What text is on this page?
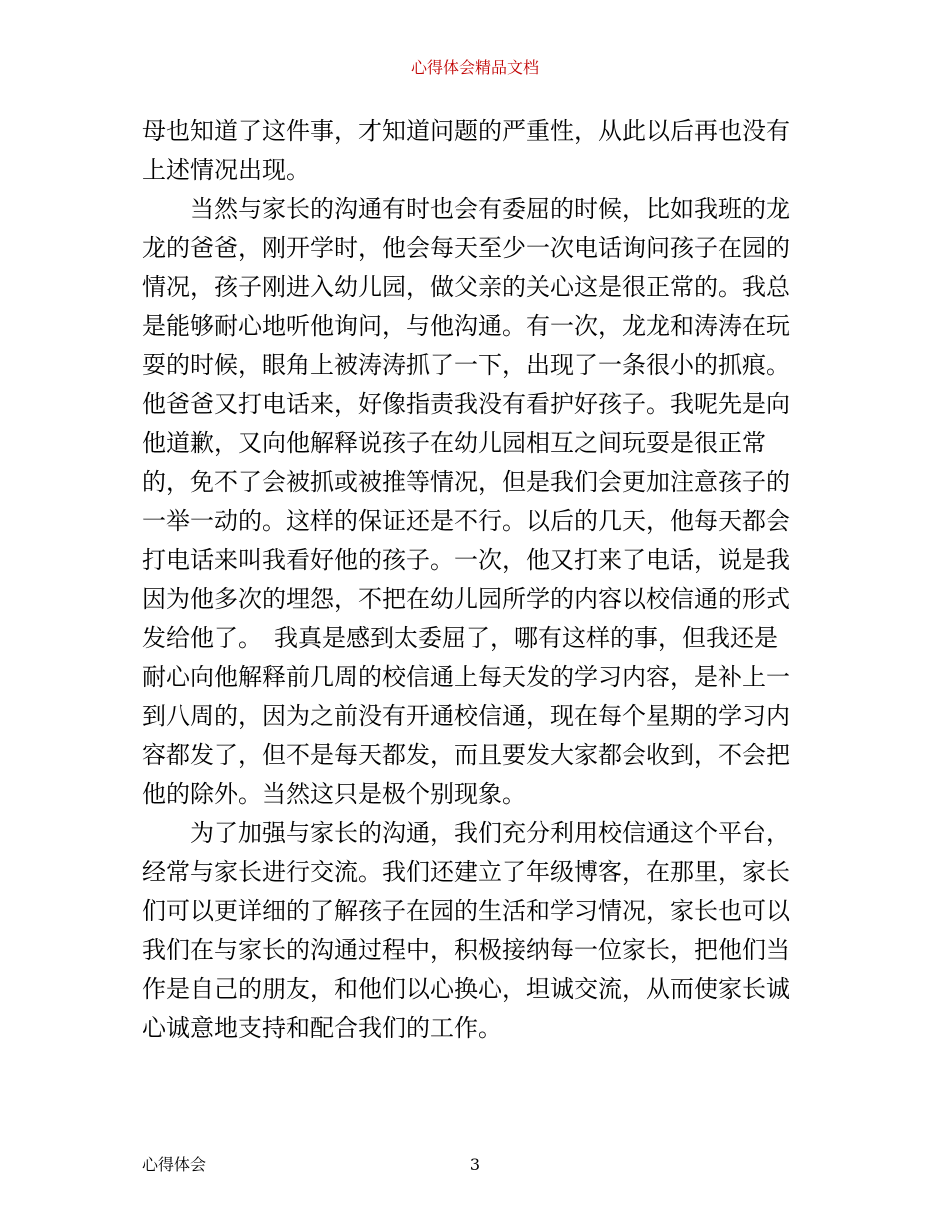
心得体会精品文档
母也知道了这件事，才知道问题的严重性，从此以后再也没有
上述情况出现。
　　当然与家长的沟通有时也会有委屈的时候，比如我班的龙
龙的爸爸，刚开学时，他会每天至少一次电话询问孩子在园的
情况，孩子刚进入幼儿园，做父亲的关心这是很正常的。我总
是能够耐心地听他询问，与他沟通。有一次，龙龙和涛涛在玩
耍的时候，眼角上被涛涛抓了一下，出现了一条很小的抓痕。
他爸爸又打电话来，好像指责我没有看护好孩子。我呢先是向
他道歉，又向他解释说孩子在幼儿园相互之间玩耍是很正常
的，免不了会被抓或被推等情况，但是我们会更加注意孩子的
一举一动的。这样的保证还是不行。以后的几天，他每天都会
打电话来叫我看好他的孩子。一次，他又打来了电话，说是我
因为他多次的埋怨，不把在幼儿园所学的内容以校信通的形式
发给他了。　我真是感到太委屈了，哪有这样的事，但我还是
耐心向他解释前几周的校信通上每天发的学习内容，是补上一
到八周的，因为之前没有开通校信通，现在每个星期的学习内
容都发了，但不是每天都发，而且要发大家都会收到，不会把
他的除外。当然这只是极个别现象。
　　为了加强与家长的沟通，我们充分利用校信通这个平台，
经常与家长进行交流。我们还建立了年级博客，在那里，家长
们可以更详细的了解孩子在园的生活和学习情况，家长也可以
我们在与家长的沟通过程中，积极接纳每一位家长，把他们当
作是自己的朋友，和他们以心换心，坦诚交流，从而使家长诚
心诚意地支持和配合我们的工作。
心得体会	3
